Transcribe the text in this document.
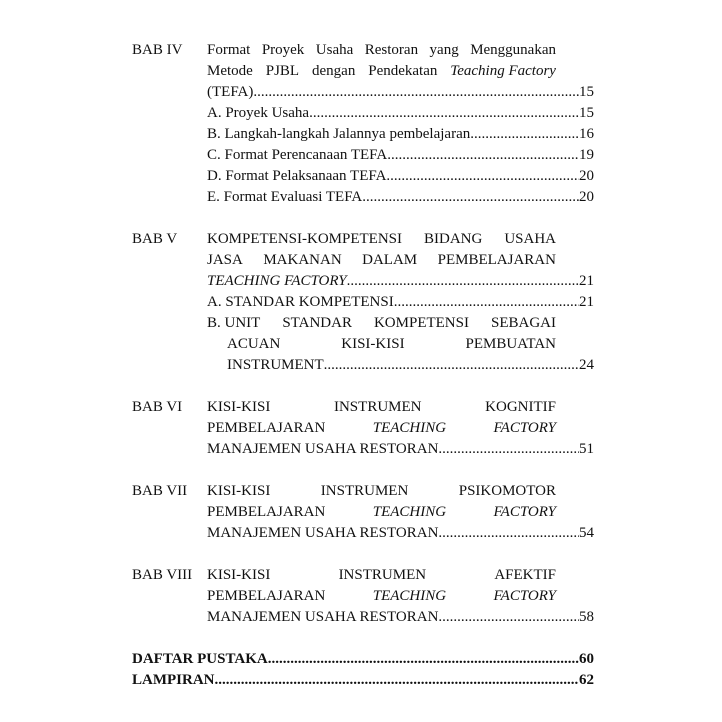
BAB IV	Format Proyek Usaha Restoran yang Menggunakan
Metode PJBL dengan Pendekatan Teaching Factory
(TEFA) .....	15
A. Proyek Usaha .....	15
B. Langkah-langkah Jalannya pembelajaran .....	16
C. Format Perencanaan TEFA .....	19
D. Format Pelaksanaan TEFA .....	20
E. Format Evaluasi TEFA .....	20
BAB V	KOMPETENSI-KOMPETENSI BIDANG USAHA
JASA MAKANAN DALAM PEMBELAJARAN
TEACHING FACTORY .....	21
A. STANDAR KOMPETENSI .....	21
B. UNIT STANDAR KOMPETENSI SEBAGAI
ACUAN	KISI-KISI	PEMBUATAN
INSTRUMENT .....	24
BAB VI	KISI-KISI	INSTRUMEN	KOGNITIF
PEMBELAJARAN	TEACHING	FACTORY
MANAJEMEN USAHA RESTORAN .....	51
BAB VII	KISI-KISI	INSTRUMEN	PSIKOMOTOR
PEMBELAJARAN	TEACHING	FACTORY
MANAJEMEN USAHA RESTORAN .....	54
BAB VIII KISI-KISI	INSTRUMEN	AFEKTIF
PEMBELAJARAN	TEACHING	FACTORY
MANAJEMEN USAHA RESTORAN .....	58
DAFTAR PUSTAKA .....	60
LAMPIRAN .....	62
